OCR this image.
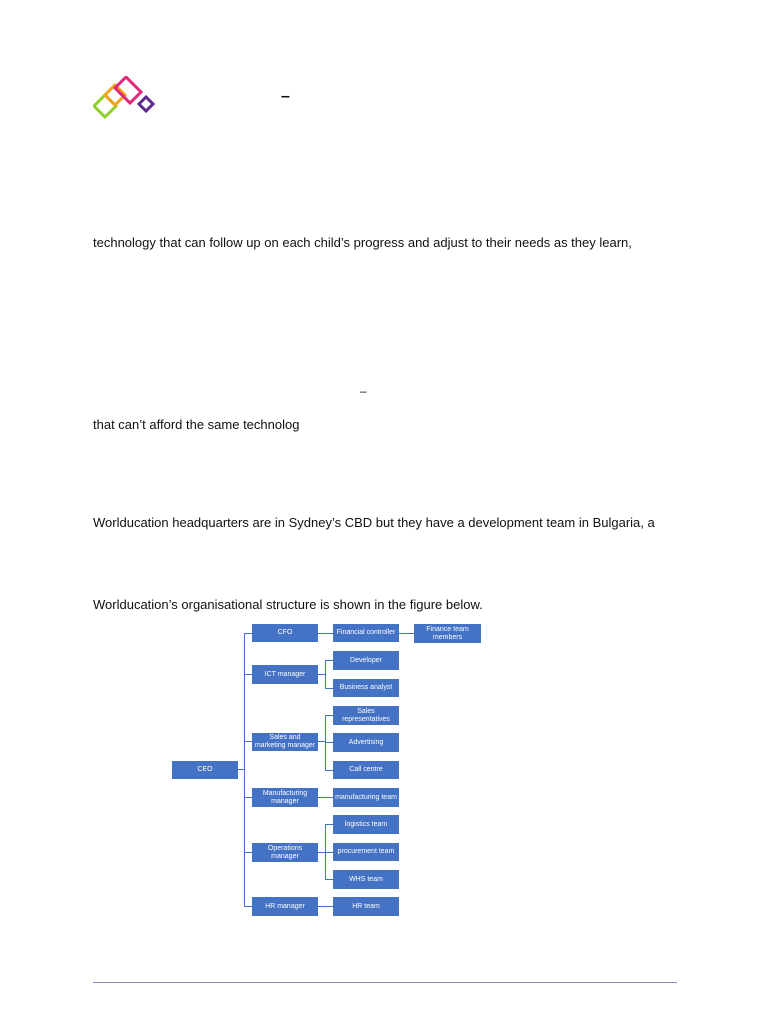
–
technology that can follow up on each child’s progress and adjust to their needs as they learn,
–
that can’t afford the same technolog
Worlducation headquarters are in Sydney’s CBD but they have a development team in Bulgaria, a
Worlducation’s organisational structure is shown in the figure below.
CEO
CFO
ICT manager
Sales and marketing manager
Manufacturing manager
Operations manager
HR manager
Financial controller	Finance team members
Developer
Business analyst
Sales representatives
Advertising
Call centre
manufacturing team
logistics team
procurement team
WHS team
HR team
